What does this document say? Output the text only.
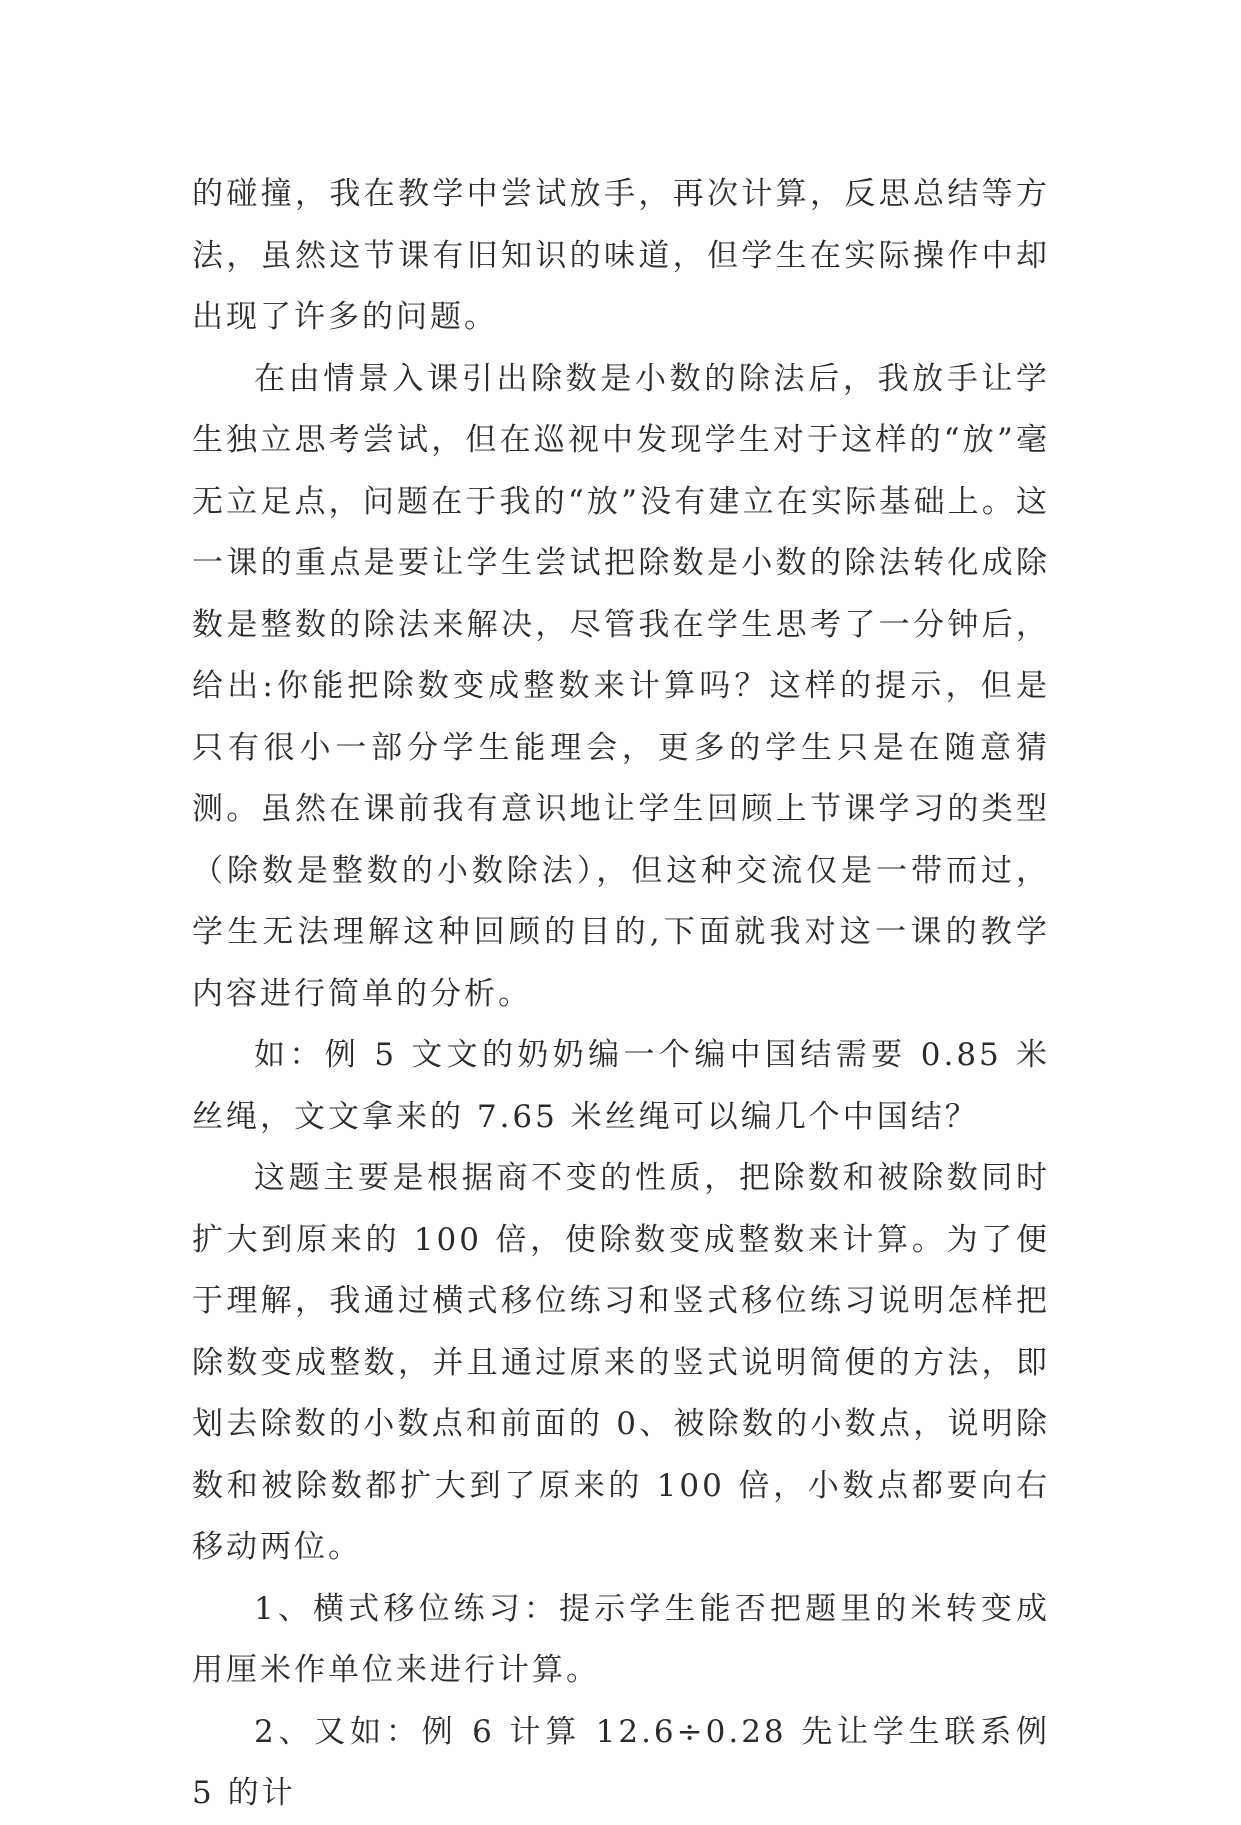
的碰撞，我在教学中尝试放手，再次计算，反思总结等方法，虽然这节课有旧知识的味道，但学生在实际操作中却出现了许多的问题。

在由情景入课引出除数是小数的除法后，我放手让学生独立思考尝试，但在巡视中发现学生对于这样的“放”毫无立足点，问题在于我的“放”没有建立在实际基础上。这一课的重点是要让学生尝试把除数是小数的除法转化成除数是整数的除法来解决，尽管我在学生思考了一分钟后，给出:你能把除数变成整数来计算吗？这样的提示，但是只有很小一部分学生能理会，更多的学生只是在随意猜测。虽然在课前我有意识地让学生回顾上节课学习的类型（除数是整数的小数除法），但这种交流仅是一带而过，学生无法理解这种回顾的目的,下面就我对这一课的教学内容进行简单的分析。

如：例 5 文文的奶奶编一个编中国结需要 0.85 米丝绳，文文拿来的 7.65 米丝绳可以编几个中国结？

这题主要是根据商不变的性质，把除数和被除数同时扩大到原来的 100 倍，使除数变成整数来计算。为了便于理解，我通过横式移位练习和竖式移位练习说明怎样把除数变成整数，并且通过原来的竖式说明简便的方法，即划去除数的小数点和前面的 0、被除数的小数点，说明除数和被除数都扩大到了原来的 100 倍，小数点都要向右移动两位。

1、横式移位练习：提示学生能否把题里的米转变成用厘米作单位来进行计算。

2、又如：例 6 计算 12.6÷0.28 先让学生联系例 5 的计
